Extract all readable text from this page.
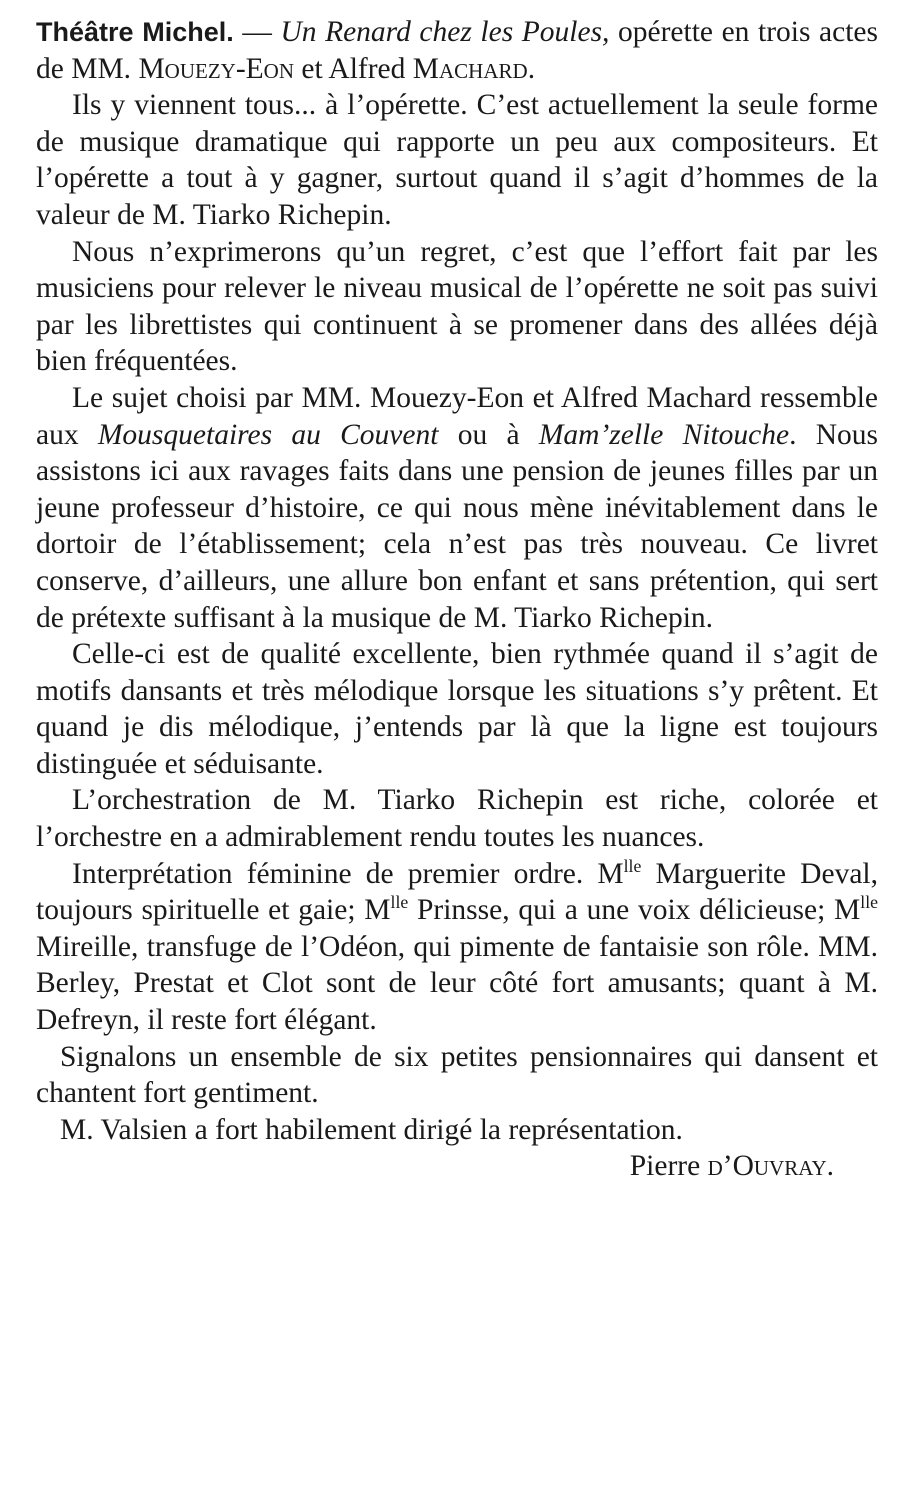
Théâtre Michel. — Un Renard chez les Poules, opérette en trois actes de MM. Mouezy-Eon et Alfred Machard.

Ils y viennent tous... à l’opérette. C’est actuellement la seule forme de musique dramatique qui rapporte un peu aux compositeurs. Et l’opérette a tout à y gagner, surtout quand il s’agit d’hommes de la valeur de M. Tiarko Richepin.

Nous n’exprimerons qu’un regret, c’est que l’effort fait par les musiciens pour relever le niveau musical de l’opérette ne soit pas suivi par les librettistes qui continuent à se promener dans des allées déjà bien fréquentées.

Le sujet choisi par MM. Mouezy-Eon et Alfred Machard ressemble aux Mousquetaires au Couvent ou à Mam’zelle Nitouche. Nous assistons ici aux ravages faits dans une pension de jeunes filles par un jeune professeur d’histoire, ce qui nous mène inévitablement dans le dortoir de l’établissement; cela n’est pas très nouveau. Ce livret conserve, d’ailleurs, une allure bon enfant et sans prétention, qui sert de prétexte suffisant à la musique de M. Tiarko Richepin.

Celle-ci est de qualité excellente, bien rythmée quand il s’agit de motifs dansants et très mélodique lorsque les situations s’y prêtent. Et quand je dis mélodique, j’entends par là que la ligne est toujours distinguée et séduisante.

L’orchestration de M. Tiarko Richepin est riche, colorée et l’orchestre en a admirablement rendu toutes les nuances.

Interprétation féminine de premier ordre. $M^{lle}$ Marguerite Deval, toujours spirituelle et gaie; $M^{lle}$ Prinsse, qui a une voix délicieuse; $M^{lle}$ Mireille, transfuge de l’Odéon, qui pimente de fantaisie son rôle. MM. Berley, Prestat et Clot sont de leur côté fort amusants; quant à M. Defreyn, il reste fort élégant.

Signalons un ensemble de six petites pensionnaires qui dansent et chantent fort gentiment.

M. Valsien a fort habilement dirigé la représentation.

Pierre d’Ouvray.
